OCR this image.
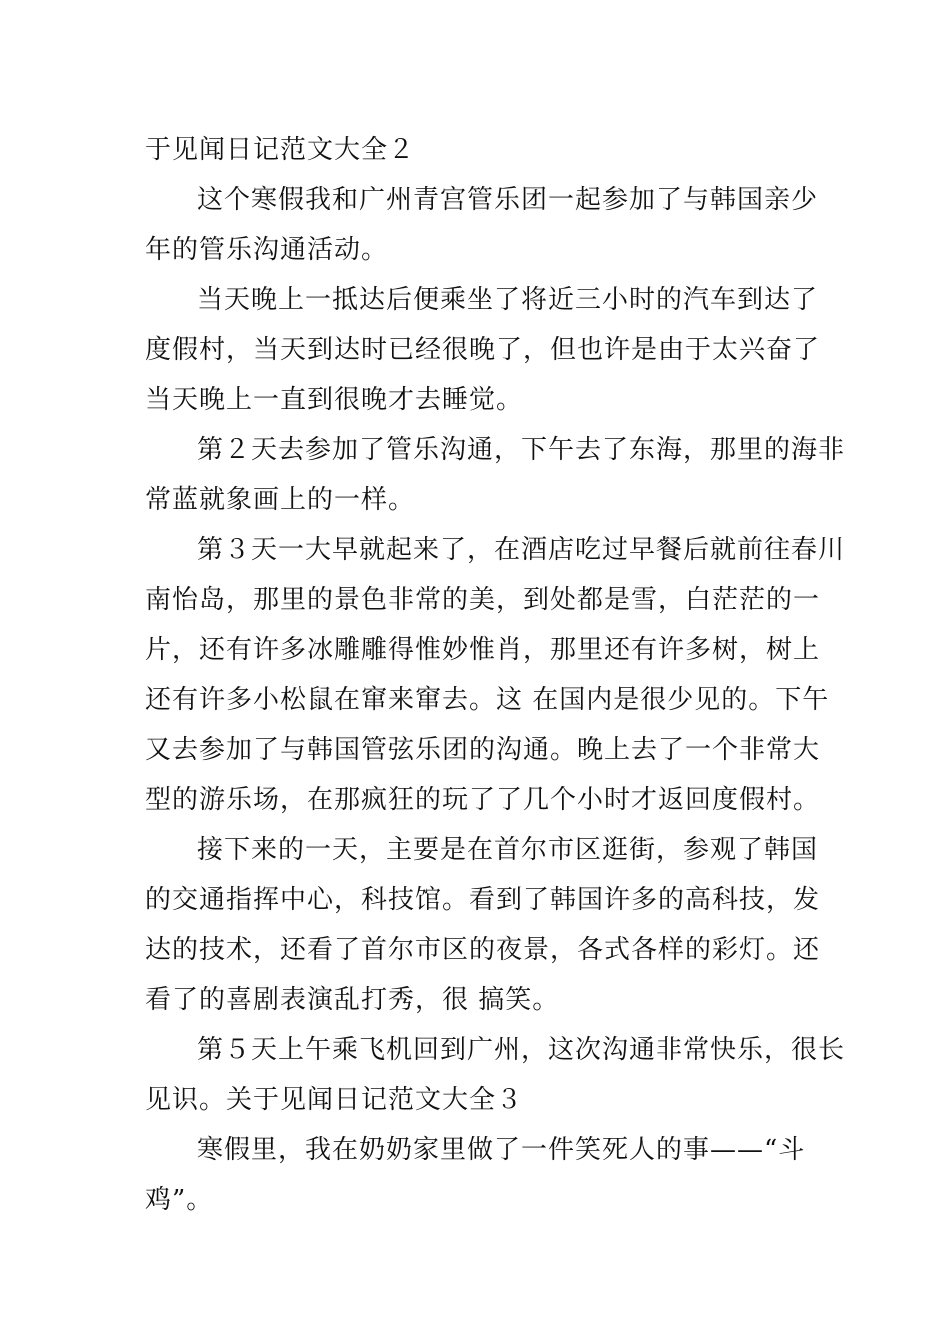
于见闻日记范文大全２
这个寒假我和广州青宫管乐团一起参加了与韩国亲少
年的管乐沟通活动。
当天晚上一抵达后便乘坐了将近三小时的汽车到达了
度假村，当天到达时已经很晚了，但也许是由于太兴奋了
当天晚上一直到很晚才去睡觉。
第２天去参加了管乐沟通，下午去了东海，那里的海非
常蓝就象画上的一样。
第３天一大早就起来了，在酒店吃过早餐后就前往春川
南怡岛，那里的景色非常的美，到处都是雪，白茫茫的一
片，还有许多冰雕雕得惟妙惟肖，那里还有许多树，树上
还有许多小松鼠在窜来窜去。这 在国内是很少见的。下午
又去参加了与韩国管弦乐团的沟通。晚上去了一个非常大
型的游乐场，在那疯狂的玩了了几个小时才返回度假村。
接下来的一天，主要是在首尔市区逛街，参观了韩国
的交通指挥中心，科技馆。看到了韩国许多的高科技，发
达的技术，还看了首尔市区的夜景，各式各样的彩灯。还
看了的喜剧表演乱打秀，很 搞笑。
第５天上午乘飞机回到广州，这次沟通非常快乐，很长
见识。关于见闻日记范文大全３
寒假里，我在奶奶家里做了一件笑死人的事——“斗
鸡”。
